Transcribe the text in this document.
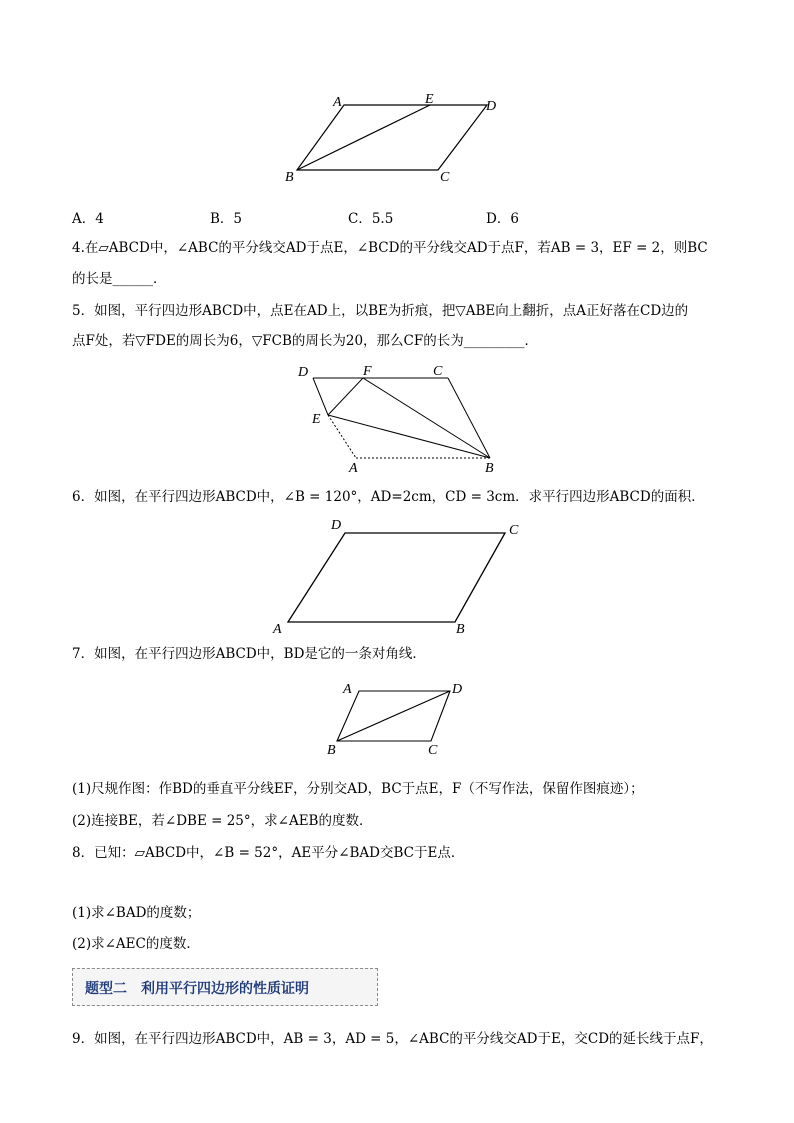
A	E	D
B	C
A．4	B．5	C．5.5	D．6
4.在▱ABCD中，∠ABC的平分线交AD于点E，∠BCD的平分线交AD于点F，若AB = 3，EF = 2，则BC
的长是______．
5．如图，平行四边形ABCD中，点E在AD上，以BE为折痕，把▽ABE向上翻折，点A正好落在CD边的
点F处，若▽FDE的周长为6，▽FCB的周长为20，那么CF的长为_________．
D	F	C
E
A	B
6．如图，在平行四边形ABCD中，∠B = 120°，AD=2cm，CD = 3cm．求平行四边形ABCD的面积．
D	C
A	B
7．如图，在平行四边形ABCD中，BD是它的一条对角线．
A	D
B	C
(1)尺规作图：作BD的垂直平分线EF，分别交AD，BC于点E，F（不写作法，保留作图痕迹）；
(2)连接BE，若∠DBE = 25°，求∠AEB的度数．
8．已知：▱ABCD中，∠B = 52°，AE平分∠BAD交BC于E点．
(1)求∠BAD的度数；
(2)求∠AEC的度数．
题型二　利用平行四边形的性质证明
9．如图，在平行四边形ABCD中，AB = 3，AD = 5，∠ABC的平分线交AD于E，交CD的延长线于点F，
